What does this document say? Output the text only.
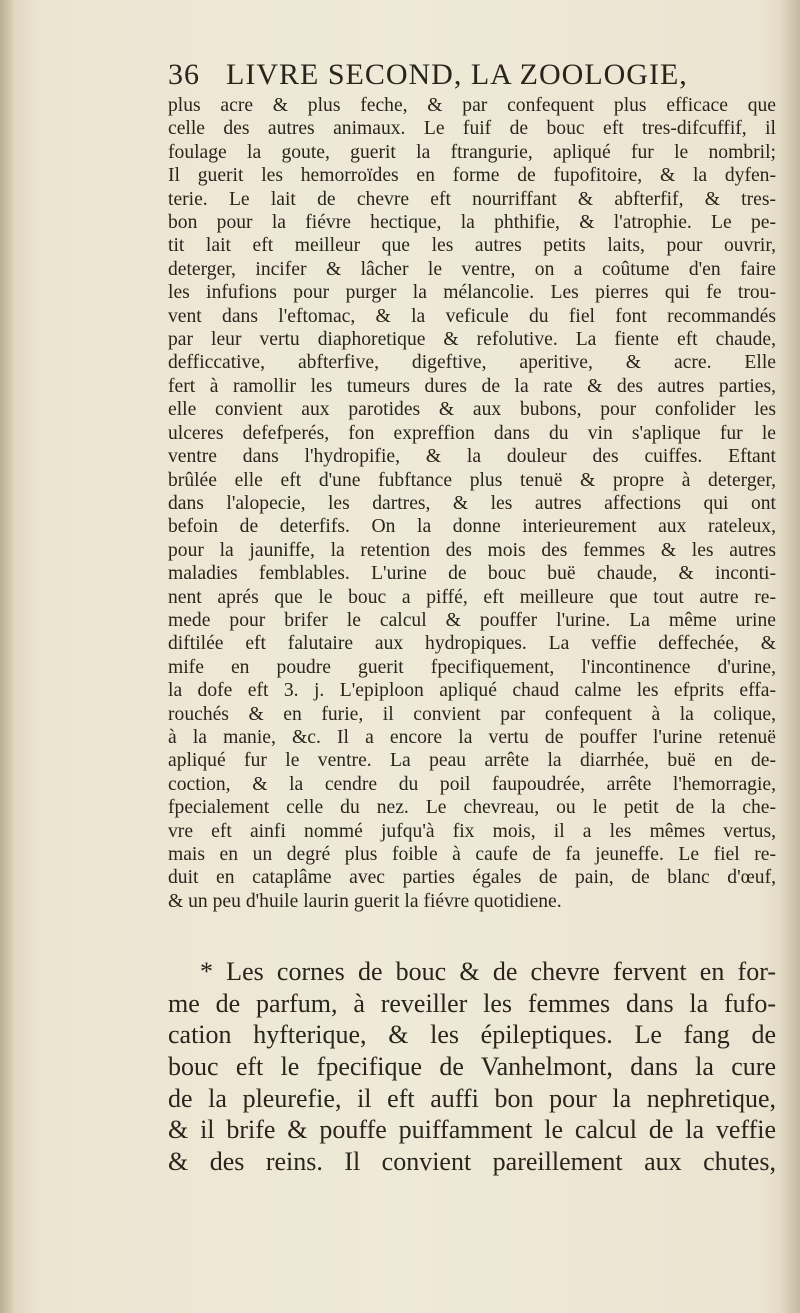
36 LIVRE SECOND, LA ZOOLOGIE,
plus acre & plus feche, & par confequent plus efficace que
celle des autres animaux. Le fuif de bouc eft tres-difcuffif, il
foulage la goute, guerit la ftrangurie, apliqué fur le nombril;
Il guerit les hemorroïdes en forme de fupofitoire, & la dyfen-
terie. Le lait de chevre eft nourriffant & abfterfif, & tres-
bon pour la fiévre hectique, la phthifie, & l'atrophie. Le pe-
tit lait eft meilleur que les autres petits laits, pour ouvrir,
deterger, incifer & lâcher le ventre, on a coûtume d'en faire
les infufions pour purger la mélancolie. Les pierres qui fe trou-
vent dans l'eftomac, & la veficule du fiel font recommandés
par leur vertu diaphoretique & refolutive. La fiente eft chaude,
defficcative, abfterfive, digeftive, aperitive, & acre. Elle
fert à ramollir les tumeurs dures de la rate & des autres parties,
elle convient aux parotides & aux bubons, pour confolider les
ulceres defefperés, fon expreffion dans du vin s'aplique fur le
ventre dans l'hydropifie, & la douleur des cuiffes. Eftant
brûlée elle eft d'une fubftance plus tenuë & propre à deterger,
dans l'alopecie, les dartres, & les autres affections qui ont
befoin de deterfifs. On la donne interieurement aux rateleux,
pour la jauniffe, la retention des mois des femmes & les autres
maladies femblables. L'urine de bouc buë chaude, & inconti-
nent aprés que le bouc a piffé, eft meilleure que tout autre re-
mede pour brifer le calcul & pouffer l'urine. La même urine
diftilée eft falutaire aux hydropiques. La veffie deffechée, &
mife en poudre guerit fpecifiquement, l'incontinence d'urine,
la dofe eft 3. j. L'epiploon apliqué chaud calme les efprits effa-
rouchés & en furie, il convient par confequent à la colique,
à la manie, &c. Il a encore la vertu de pouffer l'urine retenuë
apliqué fur le ventre. La peau arrête la diarrhée, buë en de-
coction, & la cendre du poil faupoudrée, arrête l'hemorragie,
fpecialement celle du nez. Le chevreau, ou le petit de la che-
vre eft ainfi nommé jufqu'à fix mois, il a les mêmes vertus,
mais en un degré plus foible à caufe de fa jeuneffe. Le fiel re-
duit en cataplâme avec parties égales de pain, de blanc d'œuf,
& un peu d'huile laurin guerit la fiévre quotidiene.
* Les cornes de bouc & de chevre fervent en for-
me de parfum, à reveiller les femmes dans la fufo-
cation hyfterique, & les épileptiques. Le fang de
bouc eft le fpecifique de Vanhelmont, dans la cure
de la pleurefie, il eft auffi bon pour la nephretique,
& il brife & pouffe puiffamment le calcul de la veffie
& des reins. Il convient pareillement aux chutes,
